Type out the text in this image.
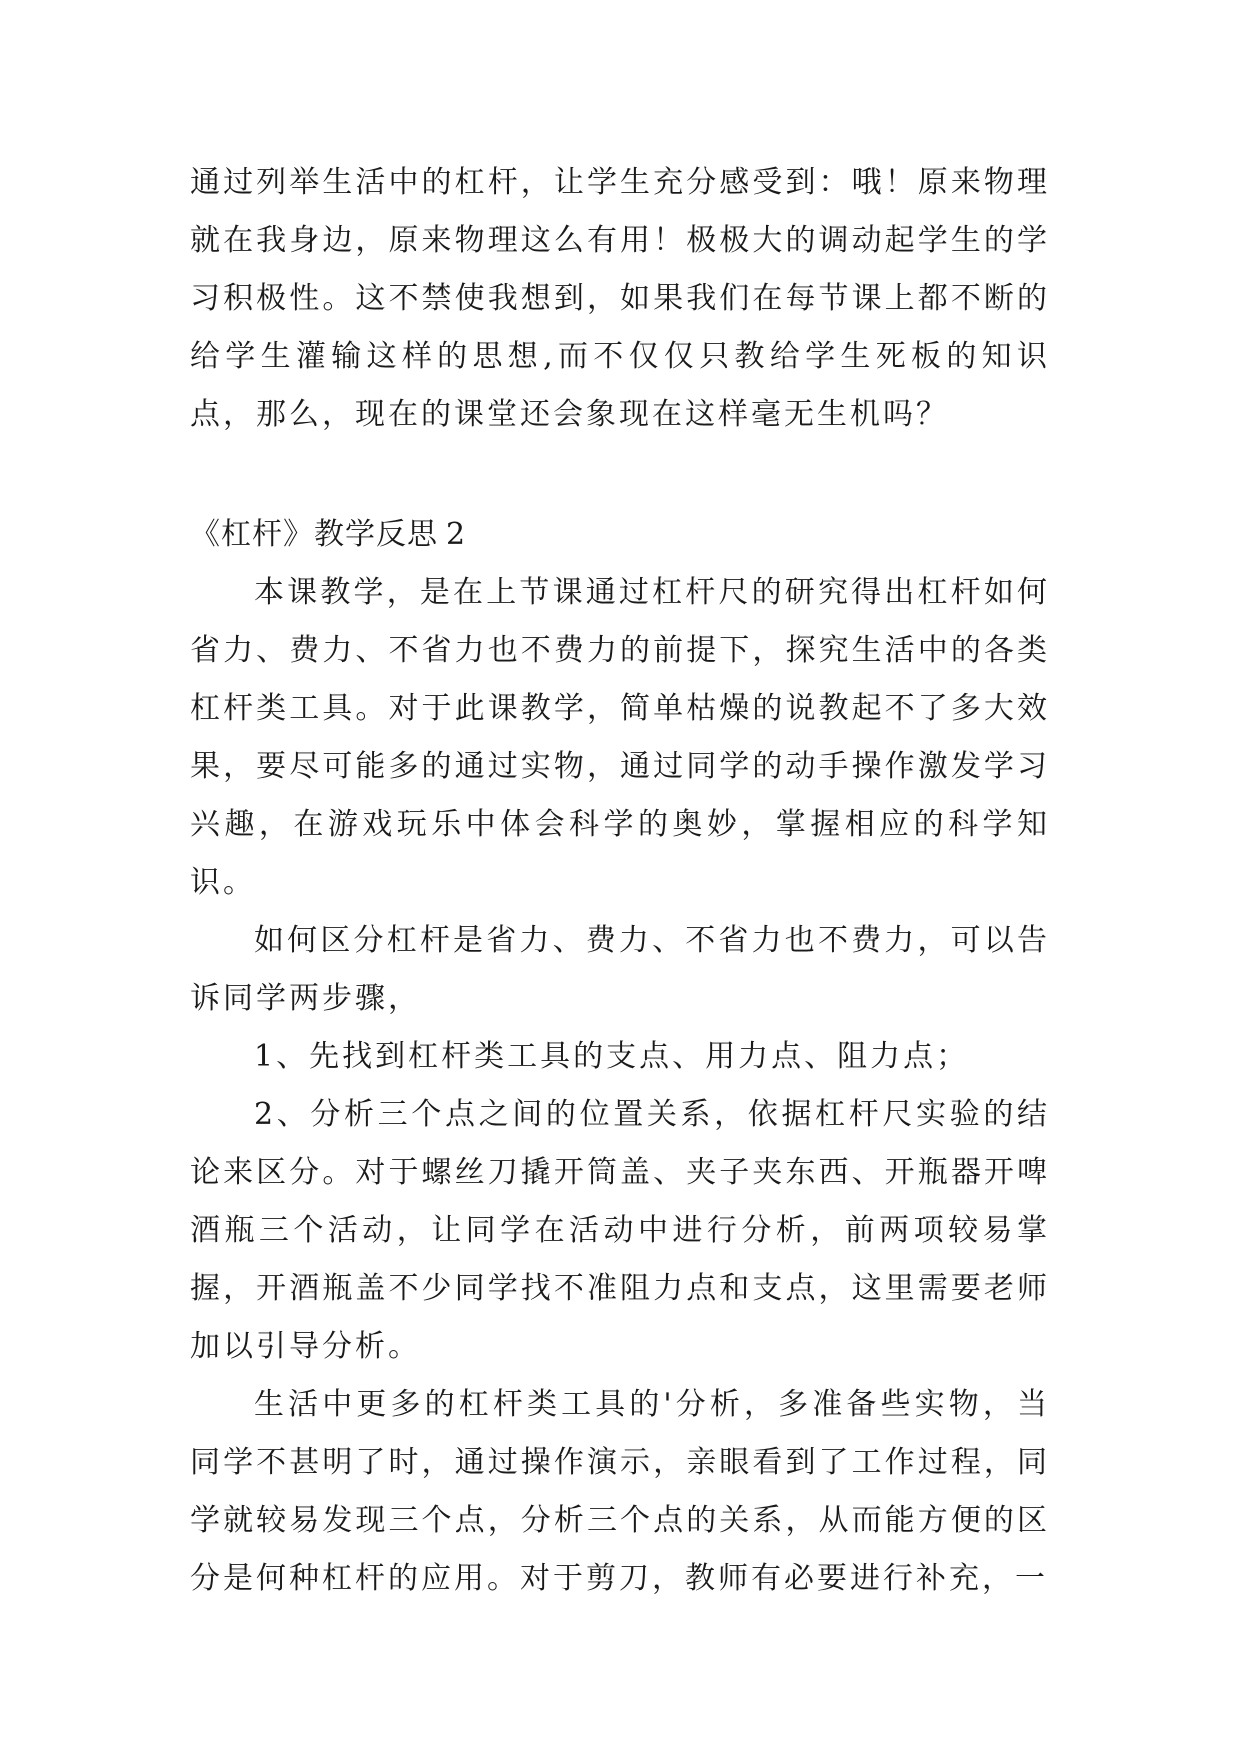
通过列举生活中的杠杆，让学生充分感受到：哦！原来物理就在我身边，原来物理这么有用！极极大的调动起学生的学习积极性。这不禁使我想到，如果我们在每节课上都不断的给学生灌输这样的思想,而不仅仅只教给学生死板的知识点，那么，现在的课堂还会象现在这样毫无生机吗？

《杠杆》教学反思 2

本课教学，是在上节课通过杠杆尺的研究得出杠杆如何省力、费力、不省力也不费力的前提下，探究生活中的各类杠杆类工具。对于此课教学，简单枯燥的说教起不了多大效果，要尽可能多的通过实物，通过同学的动手操作激发学习兴趣，在游戏玩乐中体会科学的奥妙，掌握相应的科学知识。

如何区分杠杆是省力、费力、不省力也不费力，可以告诉同学两步骤，

1、先找到杠杆类工具的支点、用力点、阻力点；

2、分析三个点之间的位置关系，依据杠杆尺实验的结论来区分。对于螺丝刀撬开筒盖、夹子夹东西、开瓶器开啤酒瓶三个活动，让同学在活动中进行分析，前两项较易掌握，开酒瓶盖不少同学找不准阻力点和支点，这里需要老师加以引导分析。

生活中更多的杠杆类工具的'分析，多准备些实物，当同学不甚明了时，通过操作演示，亲眼看到了工作过程，同学就较易发现三个点，分析三个点的关系，从而能方便的区分是何种杠杆的应用。对于剪刀，教师有必要进行补充，一
